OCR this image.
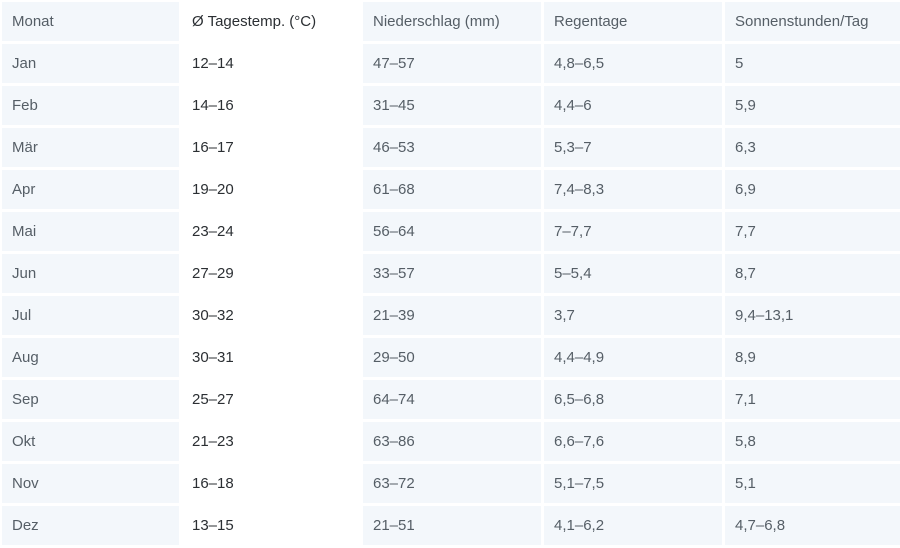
Monat	Ø Tagestemp. (°C)	Niederschlag (mm)	Regentage	Sonnenstunden/Tag
Jan	12–14	47–57	4,8–6,5	5
Feb	14–16	31–45	4,4–6	5,9
Mär	16–17	46–53	5,3–7	6,3
Apr	19–20	61–68	7,4–8,3	6,9
Mai	23–24	56–64	7–7,7	7,7
Jun	27–29	33–57	5–5,4	8,7
Jul	30–32	21–39	3,7	9,4–13,1
Aug	30–31	29–50	4,4–4,9	8,9
Sep	25–27	64–74	6,5–6,8	7,1
Okt	21–23	63–86	6,6–7,6	5,8
Nov	16–18	63–72	5,1–7,5	5,1
Dez	13–15	21–51	4,1–6,2	4,7–6,8
